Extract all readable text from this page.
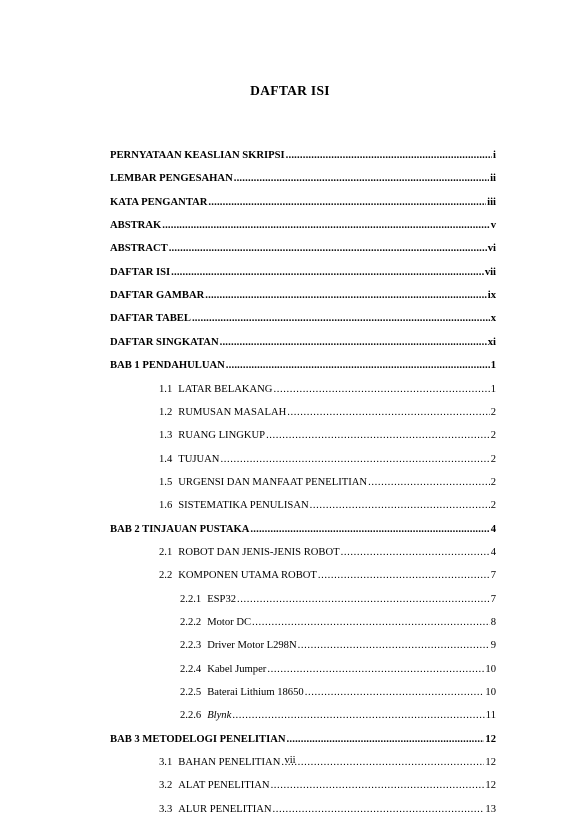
DAFTAR ISI
PERNYATAAN KEASLIAN SKRIPSI .....	i
LEMBAR PENGESAHAN .....	ii
KATA PENGANTAR .....	iii
ABSTRAK .....	v
ABSTRACT .....	vi
DAFTAR ISI .....	vii
DAFTAR GAMBAR .....	ix
DAFTAR TABEL .....	x
DAFTAR SINGKATAN .....	xi
BAB 1 PENDAHULUAN .....	1
1.1 LATAR BELAKANG .....	1
1.2 RUMUSAN MASALAH .....	2
1.3 RUANG LINGKUP .....	2
1.4 TUJUAN .....	2
1.5 URGENSI DAN MANFAAT PENELITIAN .....	2
1.6 SISTEMATIKA PENULISAN .....	2
BAB 2 TINJAUAN PUSTAKA .....	4
2.1 ROBOT DAN JENIS-JENIS ROBOT .....	4
2.2 KOMPONEN UTAMA ROBOT .....	7
2.2.1 ESP32 .....	7
2.2.2 Motor DC .....	8
2.2.3 Driver Motor L298N .....	9
2.2.4 Kabel Jumper .....	10
2.2.5 Baterai Lithium 18650 .....	10
2.2.6 Blynk .....	11
BAB 3 METODELOGI PENELITIAN .....	12
3.1 BAHAN PENELITIAN .....	12
3.2 ALAT PENELITIAN .....	12
3.3 ALUR PENELITIAN .....	13
vii
